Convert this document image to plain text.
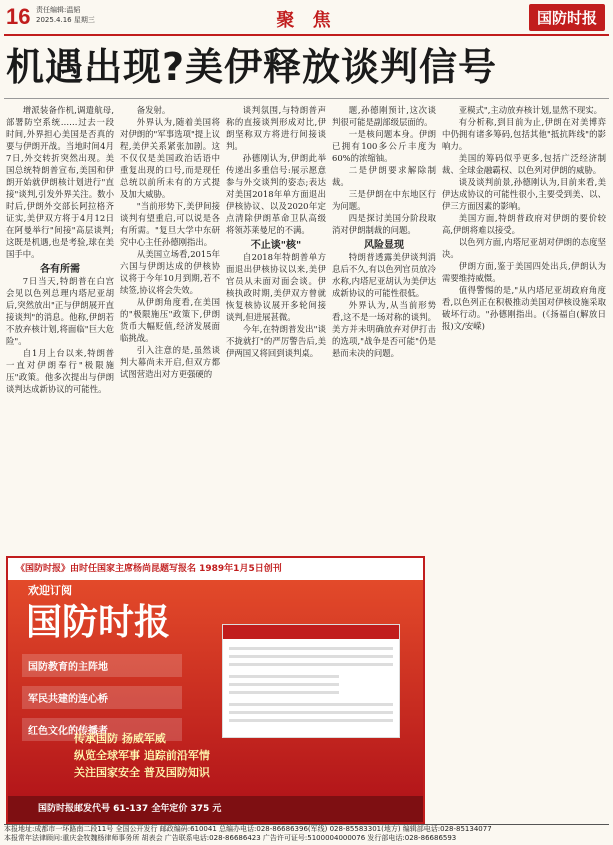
16 责任编辑:温韬
2025.4.16 星期三	聚 焦	国防时报
机遇出现?美伊释放谈判信号

增派装备作机,调遣航母,部署防空系统……过去一段时间,外界担心美国是否真的要与伊朗开战。当地时间4月7日,外交转折突然出现。美国总统特朗普宣布,美国和伊朗开始就伊朗核计划进行"直接"谈判,引发外界关注。数小时后,伊朗外交部长阿拉格齐证实,美伊双方将于4月12日在阿曼举行"间接"高层谈判;这既是机遇,也是考验,球在美国手中。

各有所需

7日当天,特朗普在白宫会见以色列总理内塔尼亚胡后,突然放出"正与伊朗展开直接谈判"的消息。他称,伊朗若不放弃核计划,将面临"巨大危险"。

自1月上台以来,特朗普一直对伊朗奉行"极限施压"政策。他多次提出与伊朗谈判达成新协议的可能性。

备发射。

外界认为,随着美国将对伊朗的"军事选项"提上议程,美伊关系紧张加剧。这不仅仅是美国政治话语中重复出现的口号,而是现任总统以前所未有的方式提及加大威胁。

"当前形势下,美伊间接谈判有望重启,可以说是各有所需。"复旦大学中东研究中心主任孙德刚指出。

从美国立场看,2015年六国与伊朗达成的伊核协议将于今年10月到期,若不续签,协议将会失效。

从伊朗角度看,在美国的"极限施压"政策下,伊朗货币大幅贬值,经济发展面临挑战。

引入注意的是,虽然谈判大幕尚未开启,但双方都试图营造出对方更强硬的

谈判氛围,与特朗普声称的直接谈判形成对比,伊朗坚称双方将进行间接谈判。

孙德刚认为,伊朗此举传递出多重信号:展示愿意参与外交谈判的姿态;表达对美国2018年单方面退出伊核协议、以及2020年定点清除伊朗革命卫队高级将领苏莱曼尼的不满。

不止谈"核"

自2018年特朗普单方面退出伊核协议以来,美伊官员从未面对面会谈。伊核执政时期,美伊双方曾就恢复核协议展开多轮间接谈判,但进展甚微。

今年,在特朗普发出"谈不拢就打"的严厉警告后,美伊两国又将回到谈判桌。

题,孙德刚预计,这次谈判很可能是副部级层面的。

一是核问题本身。伊朗已拥有100多公斤丰度为60%的浓缩铀。

二是伊朗要求解除制裁。

三是伊朗在中东地区行为问题。

四是探讨美国分阶段取消对伊朗制裁的问题。

风险显现

特朗普透露美伊谈判消息后不久,有以色列官员放冷水称,内塔尼亚胡认为美伊达成新协议的可能性很低。

外界认为,从当前形势看,这不是一场对称的谈判。美方并未明确放弃对伊打击的选项,"战争是否可能"仍是悬而未决的问题。

亚模式",主动放弃核计划,显然不现实。

有分析称,到目前为止,伊朗在对美博弈中仍拥有诸多筹码,包括其他"抵抗阵线"的影响力。

美国的筹码似乎更多,包括广泛经济制裁、全球金融霸权、以色列对伊朗的威胁。

谈及谈判前景,孙德刚认为,目前来看,美伊达成协议的可能性很小,主要受到美、以、伊三方面因素的影响。

美国方面,特朗普政府对伊朗的要价较高,伊朗将难以接受。

以色列方面,内塔尼亚胡对伊朗的态度坚决。

伊朗方面,鉴于美国四处出兵,伊朗认为需要维持威慑。

值得警惕的是,"从内塔尼亚胡政府角度看,以色列正在积极推动美国对伊核设施采取破坏行动。"孙德刚指出。(《扬福自(解放日报)文/安嵘)

《国防时报》由时任国家主席杨尚昆题写报名 1989年1月5日创刊
欢迎订阅
国防时报
国防教育的主阵地
军民共建的连心桥
红色文化的传播者
传承国防 扬威军威
纵览全球军事 追踪前沿军情
关注国家安全 普及国防知识
国防时报邮发代号 61-137 全年定价 375 元
本报地址:成都市一环路南二段11号 全国公开发行 邮政编码:610041 总编办电话:028-86686396(军线) 028-85583301(地方) 编辑部电话:028-85134077
本报常年法律顾问:重庆金牧魏杨律师事务所 胡表会 广告联系电话:028-86686423 广告许可证号:5100004000076 发行部电话:028-86686593
